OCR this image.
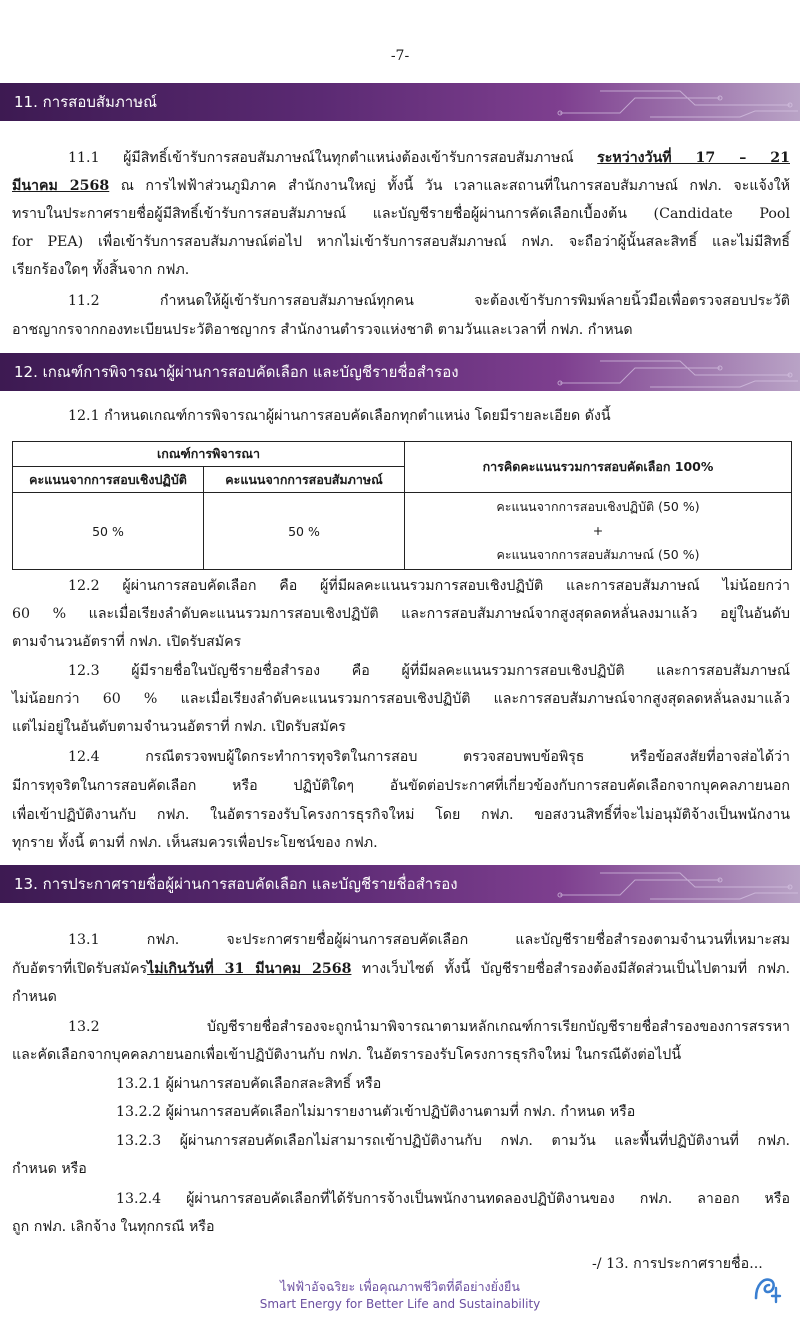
-7-
11. การสอบสัมภาษณ์
11.1 ผู้มีสิทธิ์เข้ารับการสอบสัมภาษณ์ในทุกตำแหน่งต้องเข้ารับการสอบสัมภาษณ์ ระหว่างวันที่ 17 – 21
มีนาคม 2568 ณ การไฟฟ้าส่วนภูมิภาค สำนักงานใหญ่ ทั้งนี้ วัน เวลาและสถานที่ในการสอบสัมภาษณ์ กฟภ. จะแจ้งให้
ทราบในประกาศรายชื่อผู้มีสิทธิ์เข้ารับการสอบสัมภาษณ์ และบัญชีรายชื่อผู้ผ่านการคัดเลือกเบื้องต้น (Candidate Pool
for PEA) เพื่อเข้ารับการสอบสัมภาษณ์ต่อไป หากไม่เข้ารับการสอบสัมภาษณ์ กฟภ. จะถือว่าผู้นั้นสละสิทธิ์ และไม่มีสิทธิ์
เรียกร้องใดๆ ทั้งสิ้นจาก กฟภ.
11.2 กำหนดให้ผู้เข้ารับการสอบสัมภาษณ์ทุกคน จะต้องเข้ารับการพิมพ์ลายนิ้วมือเพื่อตรวจสอบประวัติ
อาชญากรจากกองทะเบียนประวัติอาชญากร สำนักงานตำรวจแห่งชาติ ตามวันและเวลาที่ กฟภ. กำหนด
12. เกณฑ์การพิจารณาผู้ผ่านการสอบคัดเลือก และบัญชีรายชื่อสำรอง
12.1 กำหนดเกณฑ์การพิจารณาผู้ผ่านการสอบคัดเลือกทุกตำแหน่ง โดยมีรายละเอียด ดังนี้
เกณฑ์การพิจารณา		การคิดคะแนนรวมการสอบคัดเลือก 100%
คะแนนจากการสอบเชิงปฏิบัติ	คะแนนจากการสอบสัมภาษณ์	
50 %	50 %	คะแนนจากการสอบเชิงปฏิบัติ (50 %)
+
คะแนนจากการสอบสัมภาษณ์ (50 %)
12.2 ผู้ผ่านการสอบคัดเลือก คือ ผู้ที่มีผลคะแนนรวมการสอบเชิงปฏิบัติ และการสอบสัมภาษณ์ ไม่น้อยกว่า
60 % และเมื่อเรียงลำดับคะแนนรวมการสอบเชิงปฏิบัติ และการสอบสัมภาษณ์จากสูงสุดลดหลั่นลงมาแล้ว อยู่ในอันดับ
ตามจำนวนอัตราที่ กฟภ. เปิดรับสมัคร
12.3 ผู้มีรายชื่อในบัญชีรายชื่อสำรอง คือ ผู้ที่มีผลคะแนนรวมการสอบเชิงปฏิบัติ และการสอบสัมภาษณ์
ไม่น้อยกว่า 60 % และเมื่อเรียงลำดับคะแนนรวมการสอบเชิงปฏิบัติ และการสอบสัมภาษณ์จากสูงสุดลดหลั่นลงมาแล้ว
แต่ไม่อยู่ในอันดับตามจำนวนอัตราที่ กฟภ. เปิดรับสมัคร
12.4 กรณีตรวจพบผู้ใดกระทำการทุจริตในการสอบ ตรวจสอบพบข้อพิรุธ หรือข้อสงสัยที่อาจส่อได้ว่า
มีการทุจริตในการสอบคัดเลือก หรือ ปฏิบัติใดๆ อันขัดต่อประกาศที่เกี่ยวข้องกับการสอบคัดเลือกจากบุคคลภายนอก
เพื่อเข้าปฏิบัติงานกับ กฟภ. ในอัตรารองรับโครงการธุรกิจใหม่ โดย กฟภ. ขอสงวนสิทธิ์ที่จะไม่อนุมัติจ้างเป็นพนักงาน
ทุกราย ทั้งนี้ ตามที่ กฟภ. เห็นสมควรเพื่อประโยชน์ของ กฟภ.
13. การประกาศรายชื่อผู้ผ่านการสอบคัดเลือก และบัญชีรายชื่อสำรอง
13.1 กฟภ. จะประกาศรายชื่อผู้ผ่านการสอบคัดเลือก และบัญชีรายชื่อสำรองตามจำนวนที่เหมาะสม
กับอัตราที่เปิดรับสมัครไม่เกินวันที่ 31 มีนาคม 2568 ทางเว็บไซต์ ทั้งนี้ บัญชีรายชื่อสำรองต้องมีสัดส่วนเป็นไปตามที่ กฟภ.
กำหนด
13.2 บัญชีรายชื่อสำรองจะถูกนำมาพิจารณาตามหลักเกณฑ์การเรียกบัญชีรายชื่อสำรองของการสรรหา
และคัดเลือกจากบุคคลภายนอกเพื่อเข้าปฏิบัติงานกับ กฟภ. ในอัตรารองรับโครงการธุรกิจใหม่ ในกรณีดังต่อไปนี้
13.2.1 ผู้ผ่านการสอบคัดเลือกสละสิทธิ์ หรือ
13.2.2 ผู้ผ่านการสอบคัดเลือกไม่มารายงานตัวเข้าปฏิบัติงานตามที่ กฟภ. กำหนด หรือ
13.2.3 ผู้ผ่านการสอบคัดเลือกไม่สามารถเข้าปฏิบัติงานกับ กฟภ. ตามวัน และพื้นที่ปฏิบัติงานที่ กฟภ.
กำหนด หรือ
13.2.4 ผู้ผ่านการสอบคัดเลือกที่ได้รับการจ้างเป็นพนักงานทดลองปฏิบัติงานของ กฟภ. ลาออก หรือ
ถูก กฟภ. เลิกจ้าง ในทุกกรณี หรือ
-/ 13. การประกาศรายชื่อ...
ไฟฟ้าอัจฉริยะ เพื่อคุณภาพชีวิตที่ดีอย่างยั่งยืน
Smart Energy for Better Life and Sustainability
